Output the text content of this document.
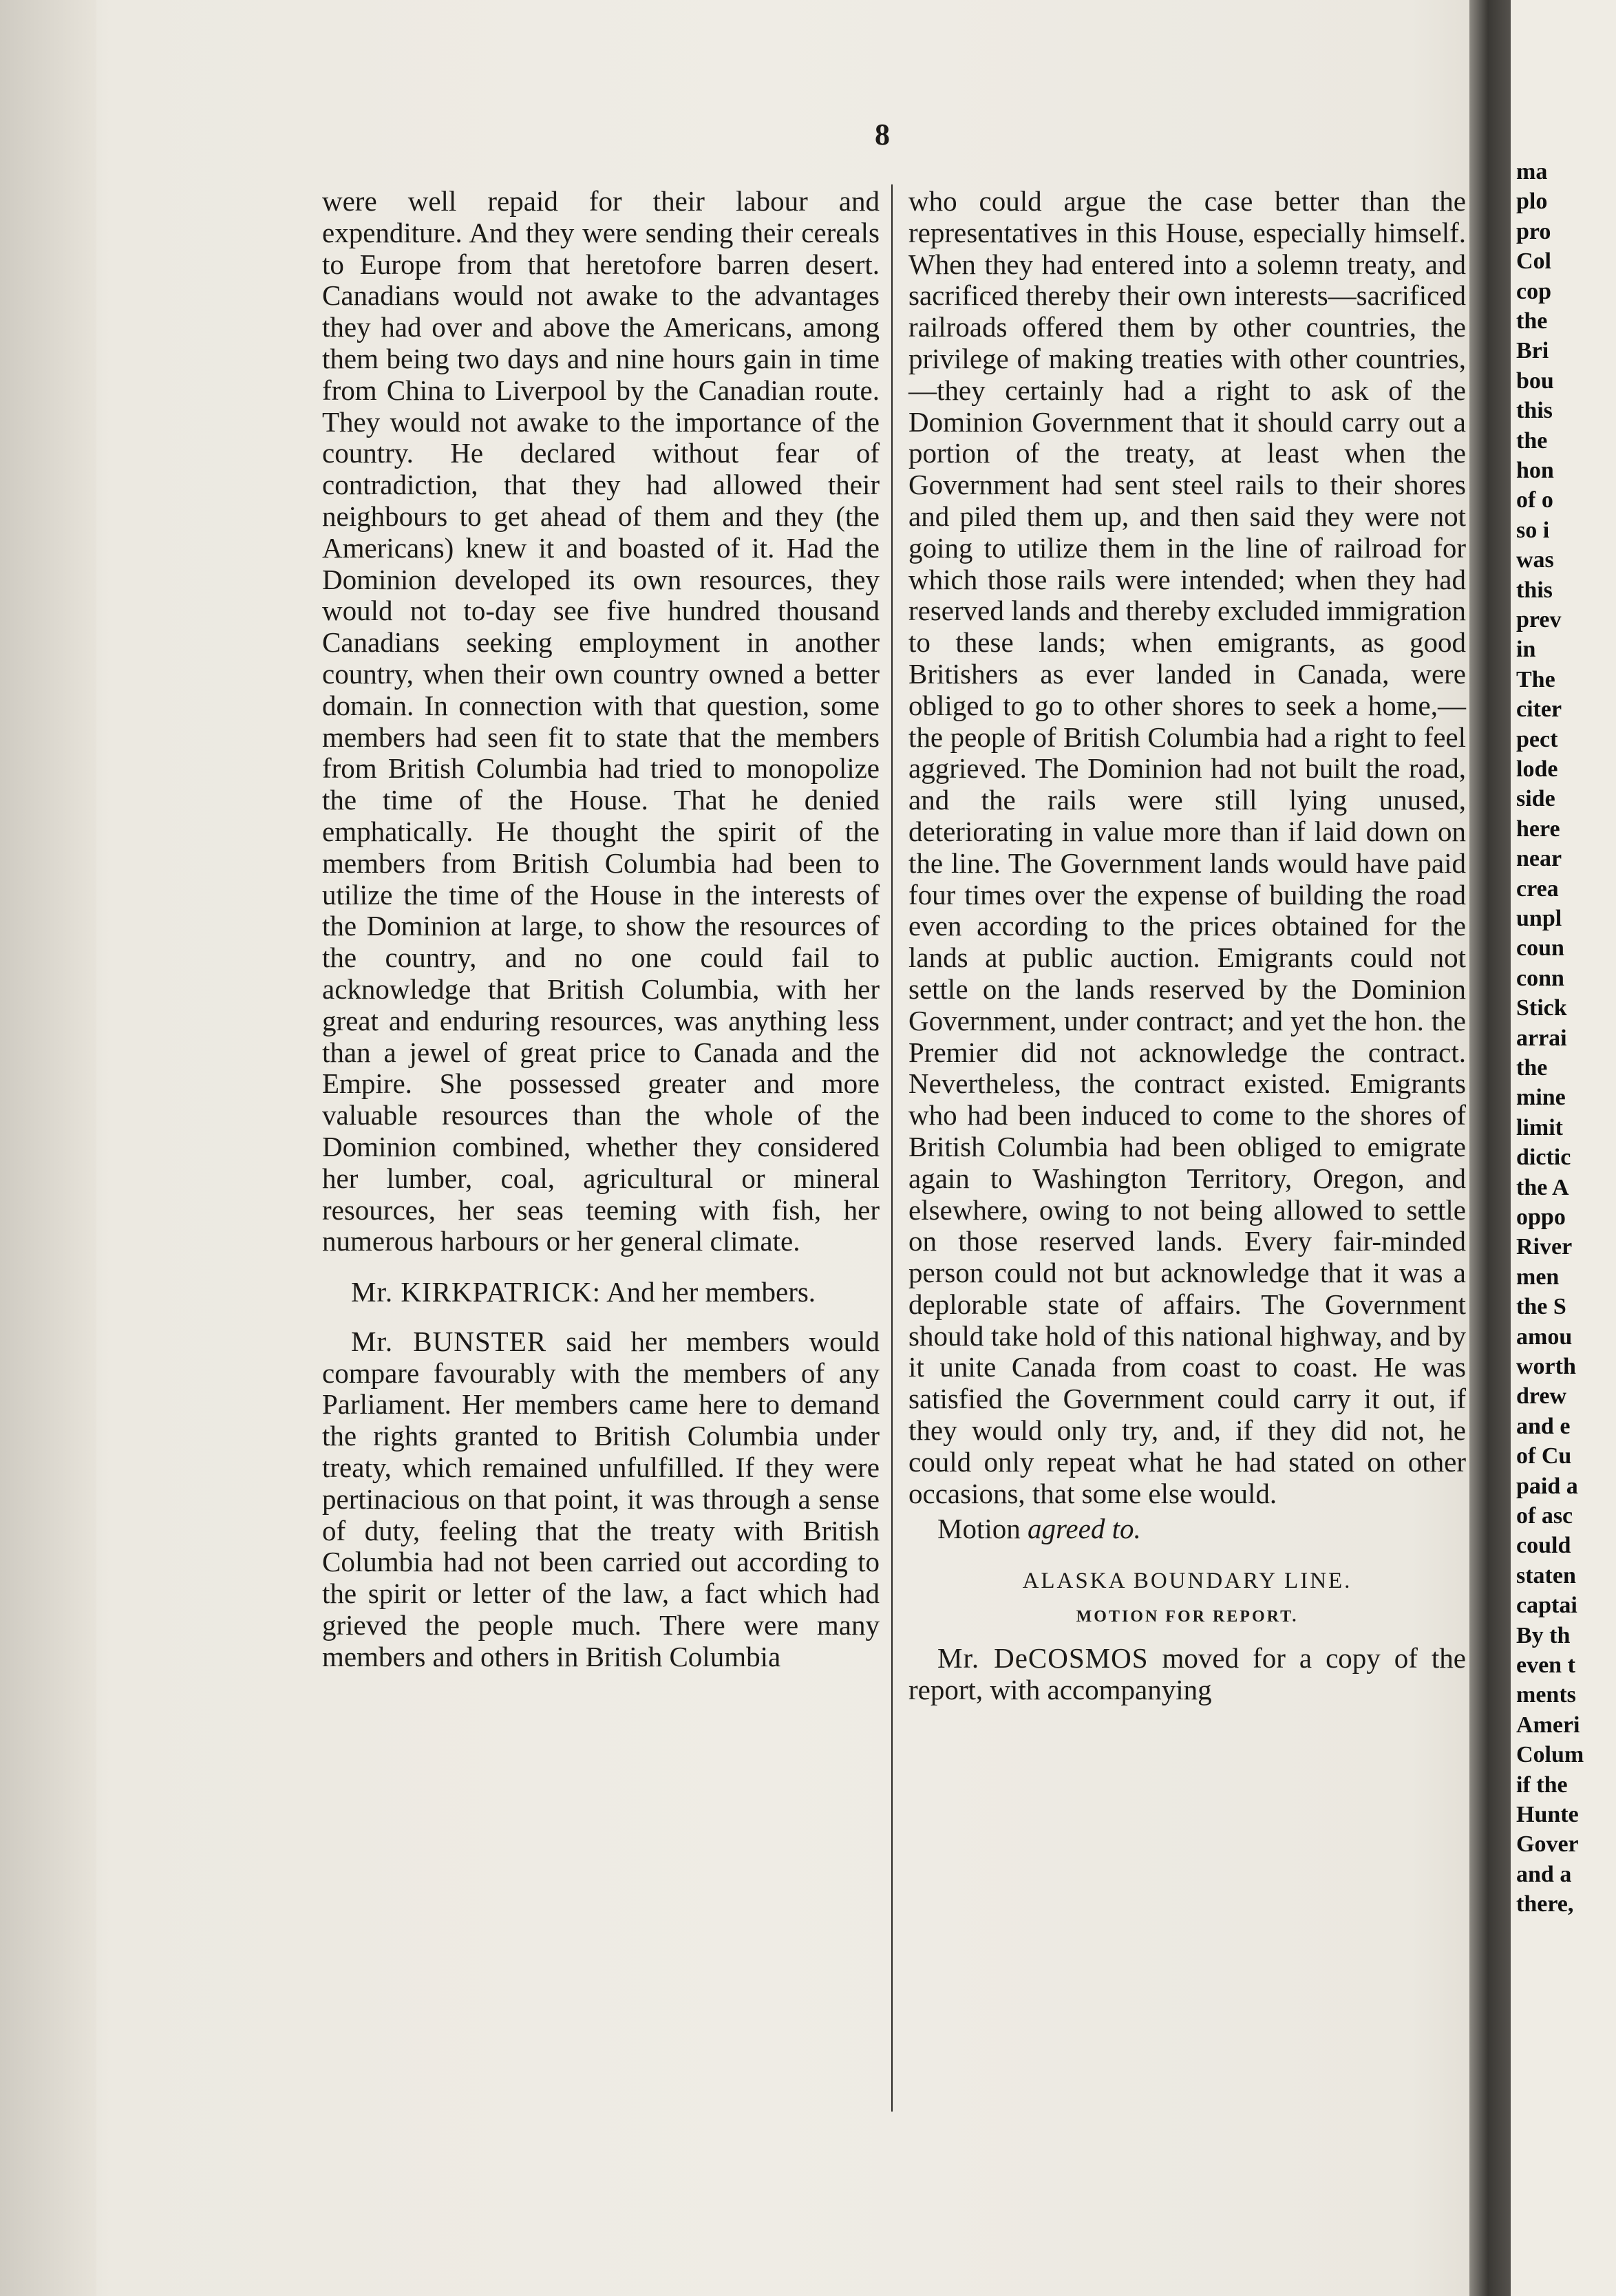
8

were well repaid for their labour and expenditure. And they were sending their cereals to Europe from that heretofore barren desert. Canadians would not awake to the advantages they had over and above the Americans, among them being two days and nine hours gain in time from China to Liverpool by the Canadian route. They would not awake to the importance of the country. He declared without fear of contradiction, that they had allowed their neighbours to get ahead of them and they (the Americans) knew it and boasted of it. Had the Dominion developed its own resources, they would not to-day see five hundred thousand Canadians seeking employment in another country, when their own country owned a better domain. In connection with that question, some members had seen fit to state that the members from British Columbia had tried to monopolize the time of the House. That he denied emphatically. He thought the spirit of the members from British Columbia had been to utilize the time of the House in the interests of the Dominion at large, to show the resources of the country, and no one could fail to acknowledge that British Columbia, with her great and enduring resources, was anything less than a jewel of great price to Canada and the Empire. She possessed greater and more valuable resources than the whole of the Dominion combined, whether they considered her lumber, coal, agricultural or mineral resources, her seas teeming with fish, her numerous harbours or her general climate.

Mr. KIRKPATRICK: And her members.

Mr. BUNSTER said her members would compare favourably with the members of any Parliament. Her members came here to demand the rights granted to British Columbia under treaty, which remained unfulfilled. If they were pertinacious on that point, it was through a sense of duty, feeling that the treaty with British Columbia had not been carried out according to the spirit or letter of the law, a fact which had grieved the people much. There were many members and others in British Columbia

who could argue the case better than the representatives in this House, especially himself. When they had entered into a solemn treaty, and sacrificed thereby their own interests—sacrificed railroads offered them by other countries, the privilege of making treaties with other countries, —they certainly had a right to ask of the Dominion Government that it should carry out a portion of the treaty, at least when the Government had sent steel rails to their shores and piled them up, and then said they were not going to utilize them in the line of railroad for which those rails were intended; when they had reserved lands and thereby excluded immigration to these lands; when emigrants, as good Britishers as ever landed in Canada, were obliged to go to other shores to seek a home,—the people of British Columbia had a right to feel aggrieved. The Dominion had not built the road, and the rails were still lying unused, deteriorating in value more than if laid down on the line. The Government lands would have paid four times over the expense of building the road even according to the prices obtained for the lands at public auction. Emigrants could not settle on the lands reserved by the Dominion Government, under contract; and yet the hon. the Premier did not acknowledge the contract. Nevertheless, the contract existed. Emigrants who had been induced to come to the shores of British Columbia had been obliged to emigrate again to Washington Territory, Oregon, and elsewhere, owing to not being allowed to settle on those reserved lands. Every fair-minded person could not but acknowledge that it was a deplorable state of affairs. The Government should take hold of this national highway, and by it unite Canada from coast to coast. He was satisfied the Government could carry it out, if they would only try, and, if they did not, he could only repeat what he had stated on other occasions, that some else would.

Motion agreed to.

ALASKA BOUNDARY LINE.

MOTION FOR REPORT.

Mr. DeCOSMOS moved for a copy of the report, with accompanying

ma
plo
pro
Col
cop
the
Bri
bou
this
the
hon
of o
so i
was
this
prev
in
The
citer
pect
lode
side
here
near
crea
unpl
coun
conn
Stick
arrai
the
mine
limit
dictic
the A
oppo
River
men
the S
amou
worth
drew
and e
of Cu
paid a
of asc
could
staten
captai
By th
even t
ments
Ameri
Colum
if the
Hunte
Gover
and a
there,
